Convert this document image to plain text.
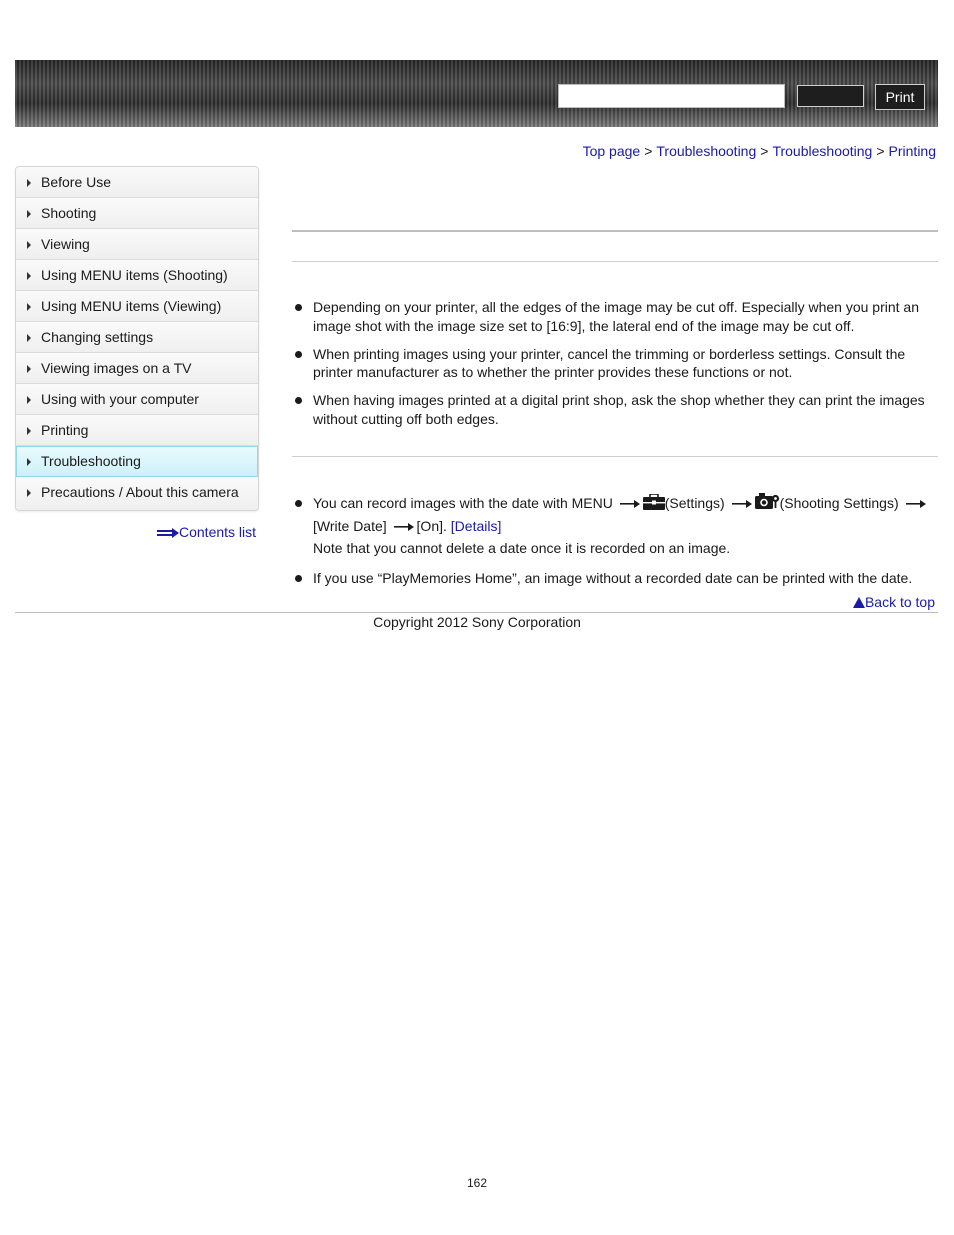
Print
Top page > Troubleshooting > Troubleshooting > Printing
Before Use
Shooting
Viewing
Using MENU items (Shooting)
Using MENU items (Viewing)
Changing settings
Viewing images on a TV
Using with your computer
Printing
Troubleshooting
Precautions / About this camera
Contents list
Depending on your printer, all the edges of the image may be cut off. Especially when you print an image shot with the image size set to [16:9], the lateral end of the image may be cut off.
When printing images using your printer, cancel the trimming or borderless settings. Consult the printer manufacturer as to whether the printer provides these functions or not.
When having images printed at a digital print shop, ask the shop whether they can print the images without cutting off both edges.
You can record images with the date with MENU	(Settings)	(Shooting Settings)
[Write Date] [On]. [Details]
Note that you cannot delete a date once it is recorded on an image.
If you use “PlayMemories Home”, an image without a recorded date can be printed with the date.
Back to top
Copyright 2012 Sony Corporation
162
